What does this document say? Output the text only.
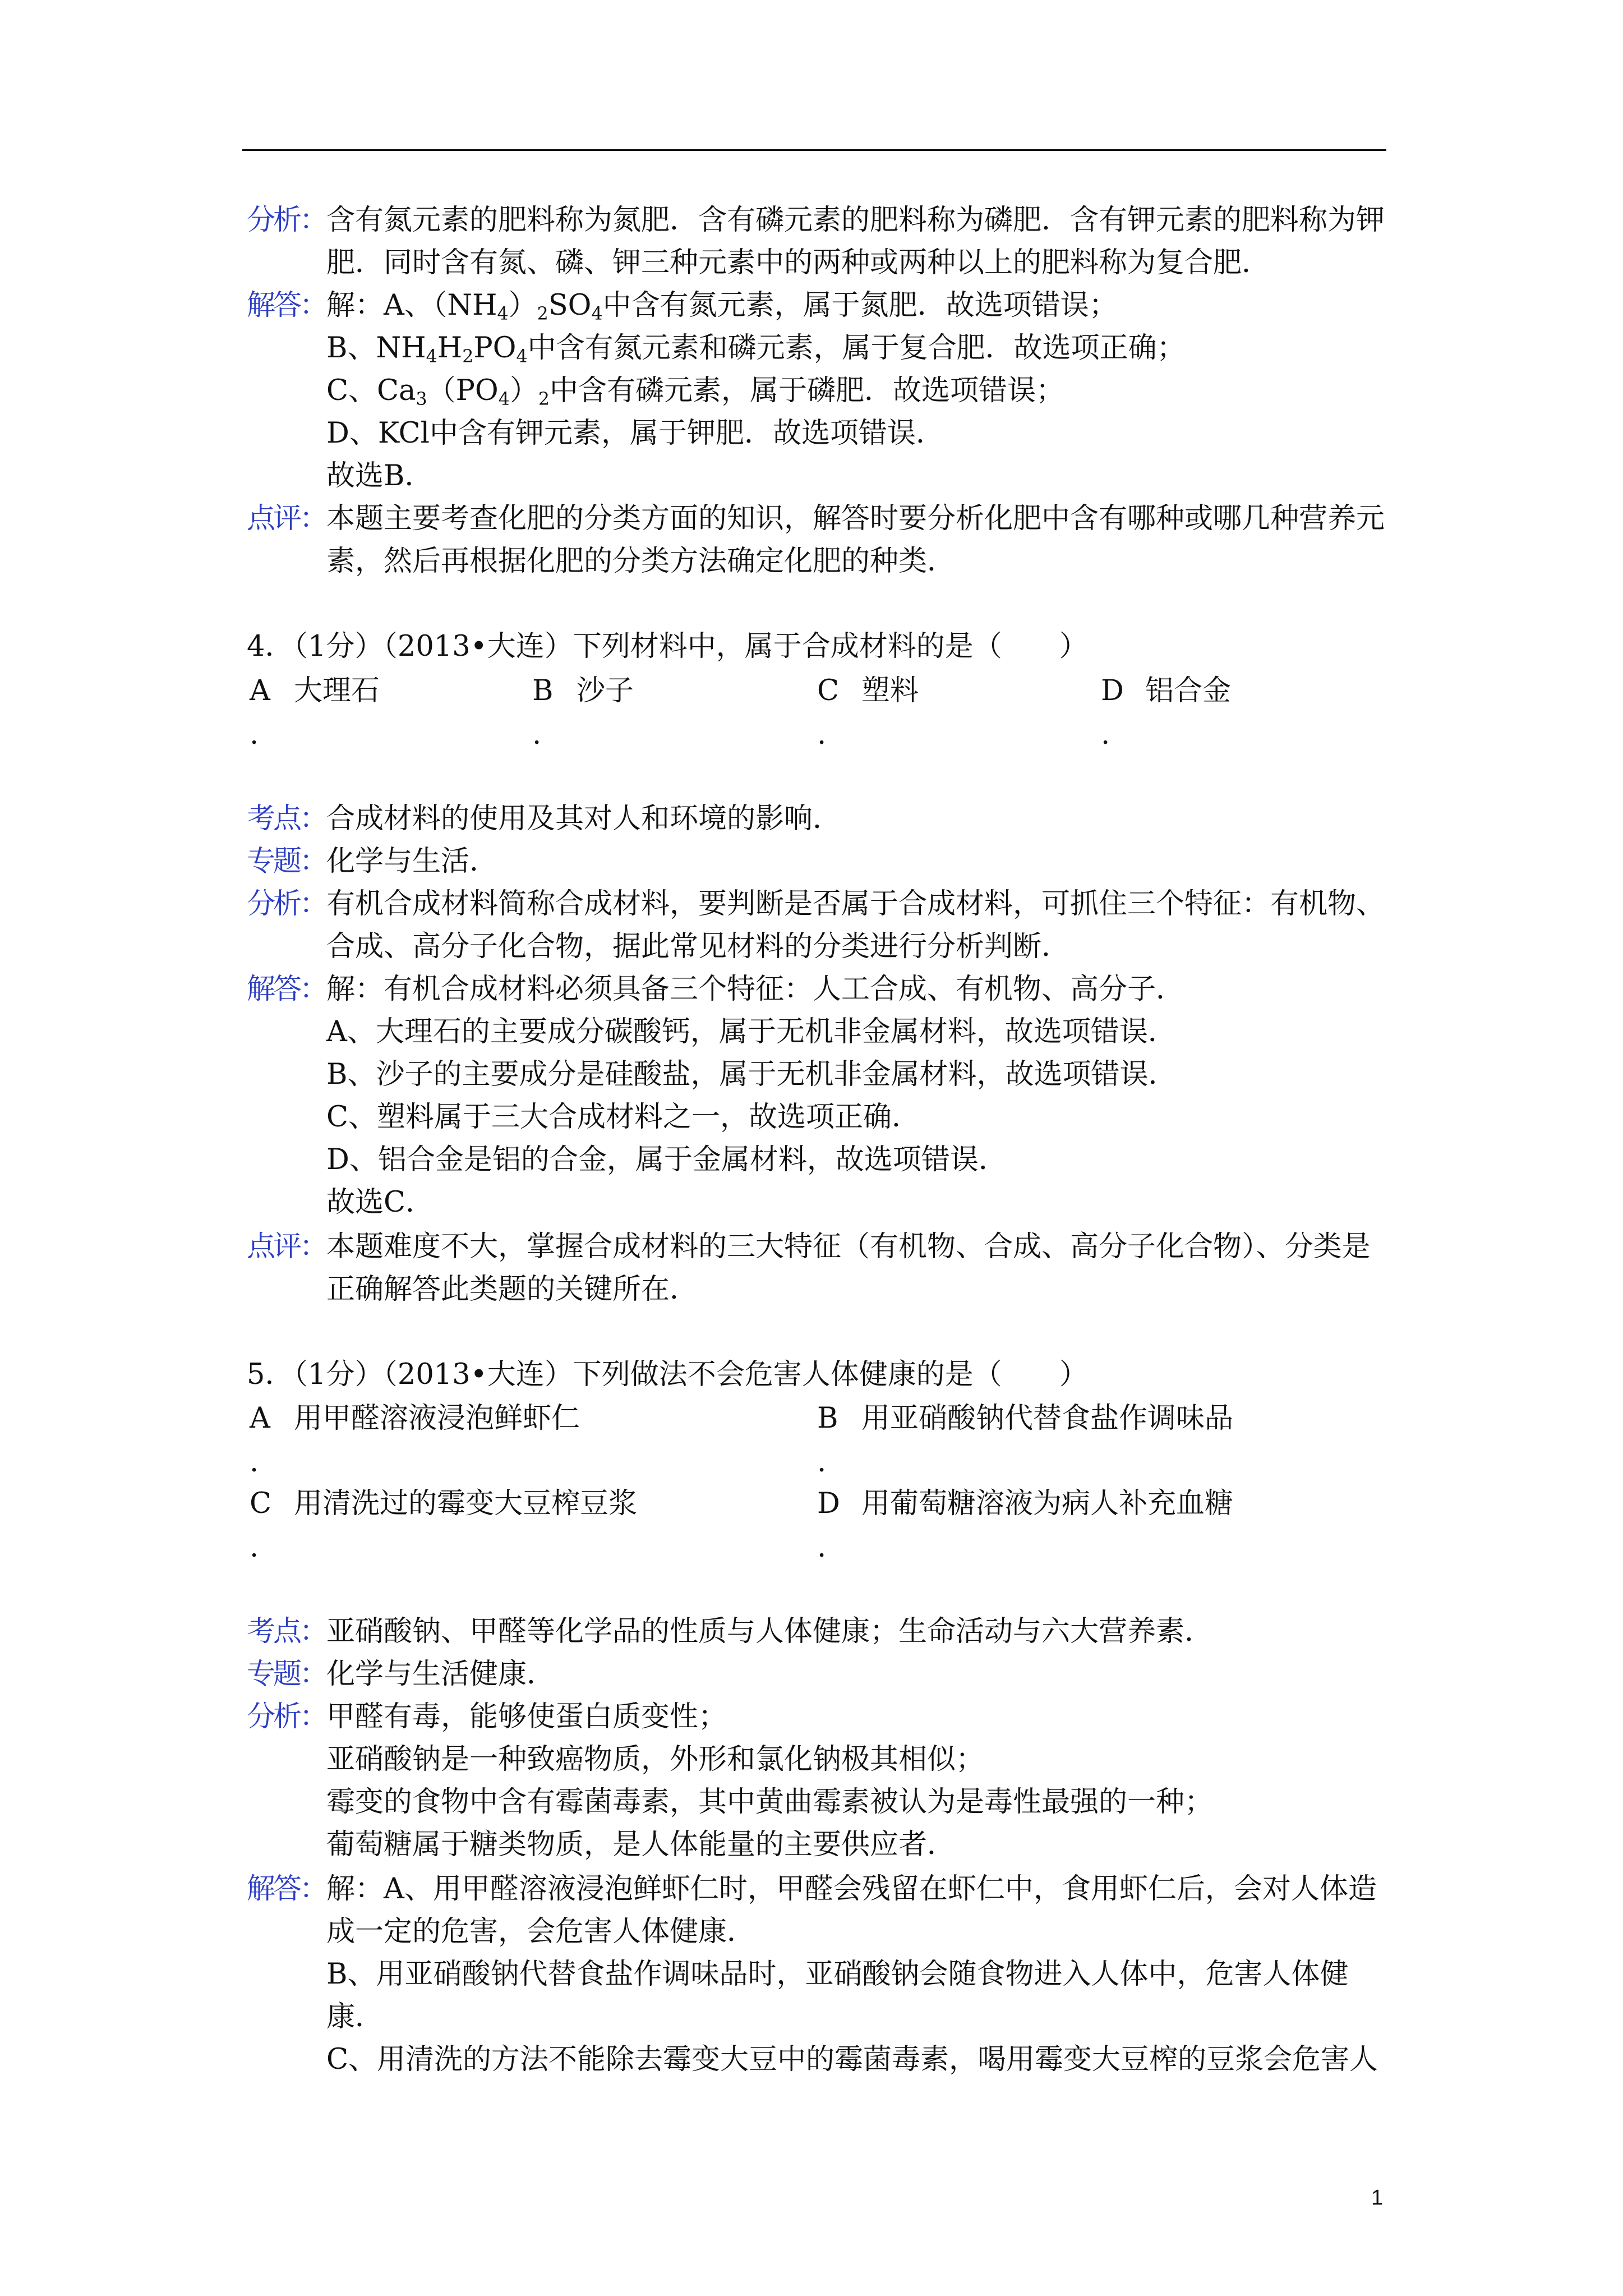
分析：含有氮元素的肥料称为氮肥．含有磷元素的肥料称为磷肥．含有钾元素的肥料称为钾
肥．同时含有氮、磷、钾三种元素中的两种或两种以上的肥料称为复合肥．
解答：解：A、$(NH_4)_2SO_4$中含有氮元素，属于氮肥．故选项错误；
B、$NH_4H_2PO_4$中含有氮元素和磷元素，属于复合肥．故选项正确；
C、$Ca_3(PO_4)_2$中含有磷元素，属于磷肥．故选项错误；
D、KCl中含有钾元素，属于钾肥．故选项错误．
故选B．
点评：本题主要考查化肥的分类方面的知识，解答时要分析化肥中含有哪种或哪几种营养元
素，然后再根据化肥的分类方法确定化肥的种类．
4．（1分）（2013•大连）下列材料中，属于合成材料的是（　　）
A 大理石
.
B 沙子
.
C 塑料
.
D 铝合金
.
考点：合成材料的使用及其对人和环境的影响．
专题：化学与生活．
分析：有机合成材料简称合成材料，要判断是否属于合成材料，可抓住三个特征：有机物、
合成、高分子化合物，据此常见材料的分类进行分析判断．
解答：解：有机合成材料必须具备三个特征：人工合成、有机物、高分子．
A、大理石的主要成分碳酸钙，属于无机非金属材料，故选项错误．
B、沙子的主要成分是硅酸盐，属于无机非金属材料，故选项错误．
C、塑料属于三大合成材料之一，故选项正确．
D、铝合金是铝的合金，属于金属材料，故选项错误．
故选C．
点评：本题难度不大，掌握合成材料的三大特征（有机物、合成、高分子化合物）、分类是
正确解答此类题的关键所在．
5．（1分）（2013•大连）下列做法不会危害人体健康的是（　　）
A 用甲醛溶液浸泡鲜虾仁
.
B 用亚硝酸钠代替食盐作调味品
.
C 用清洗过的霉变大豆榨豆浆
.
D 用葡萄糖溶液为病人补充血糖
.
考点：亚硝酸钠、甲醛等化学品的性质与人体健康；生命活动与六大营养素．
专题：化学与生活健康．
分析：甲醛有毒，能够使蛋白质变性；
亚硝酸钠是一种致癌物质，外形和氯化钠极其相似；
霉变的食物中含有霉菌毒素，其中黄曲霉素被认为是毒性最强的一种；
葡萄糖属于糖类物质，是人体能量的主要供应者．
解答：解：A、用甲醛溶液浸泡鲜虾仁时，甲醛会残留在虾仁中，食用虾仁后，会对人体造
成一定的危害，会危害人体健康．
B、用亚硝酸钠代替食盐作调味品时，亚硝酸钠会随食物进入人体中，危害人体健
康．
C、用清洗的方法不能除去霉变大豆中的霉菌毒素，喝用霉变大豆榨的豆浆会危害人
1
